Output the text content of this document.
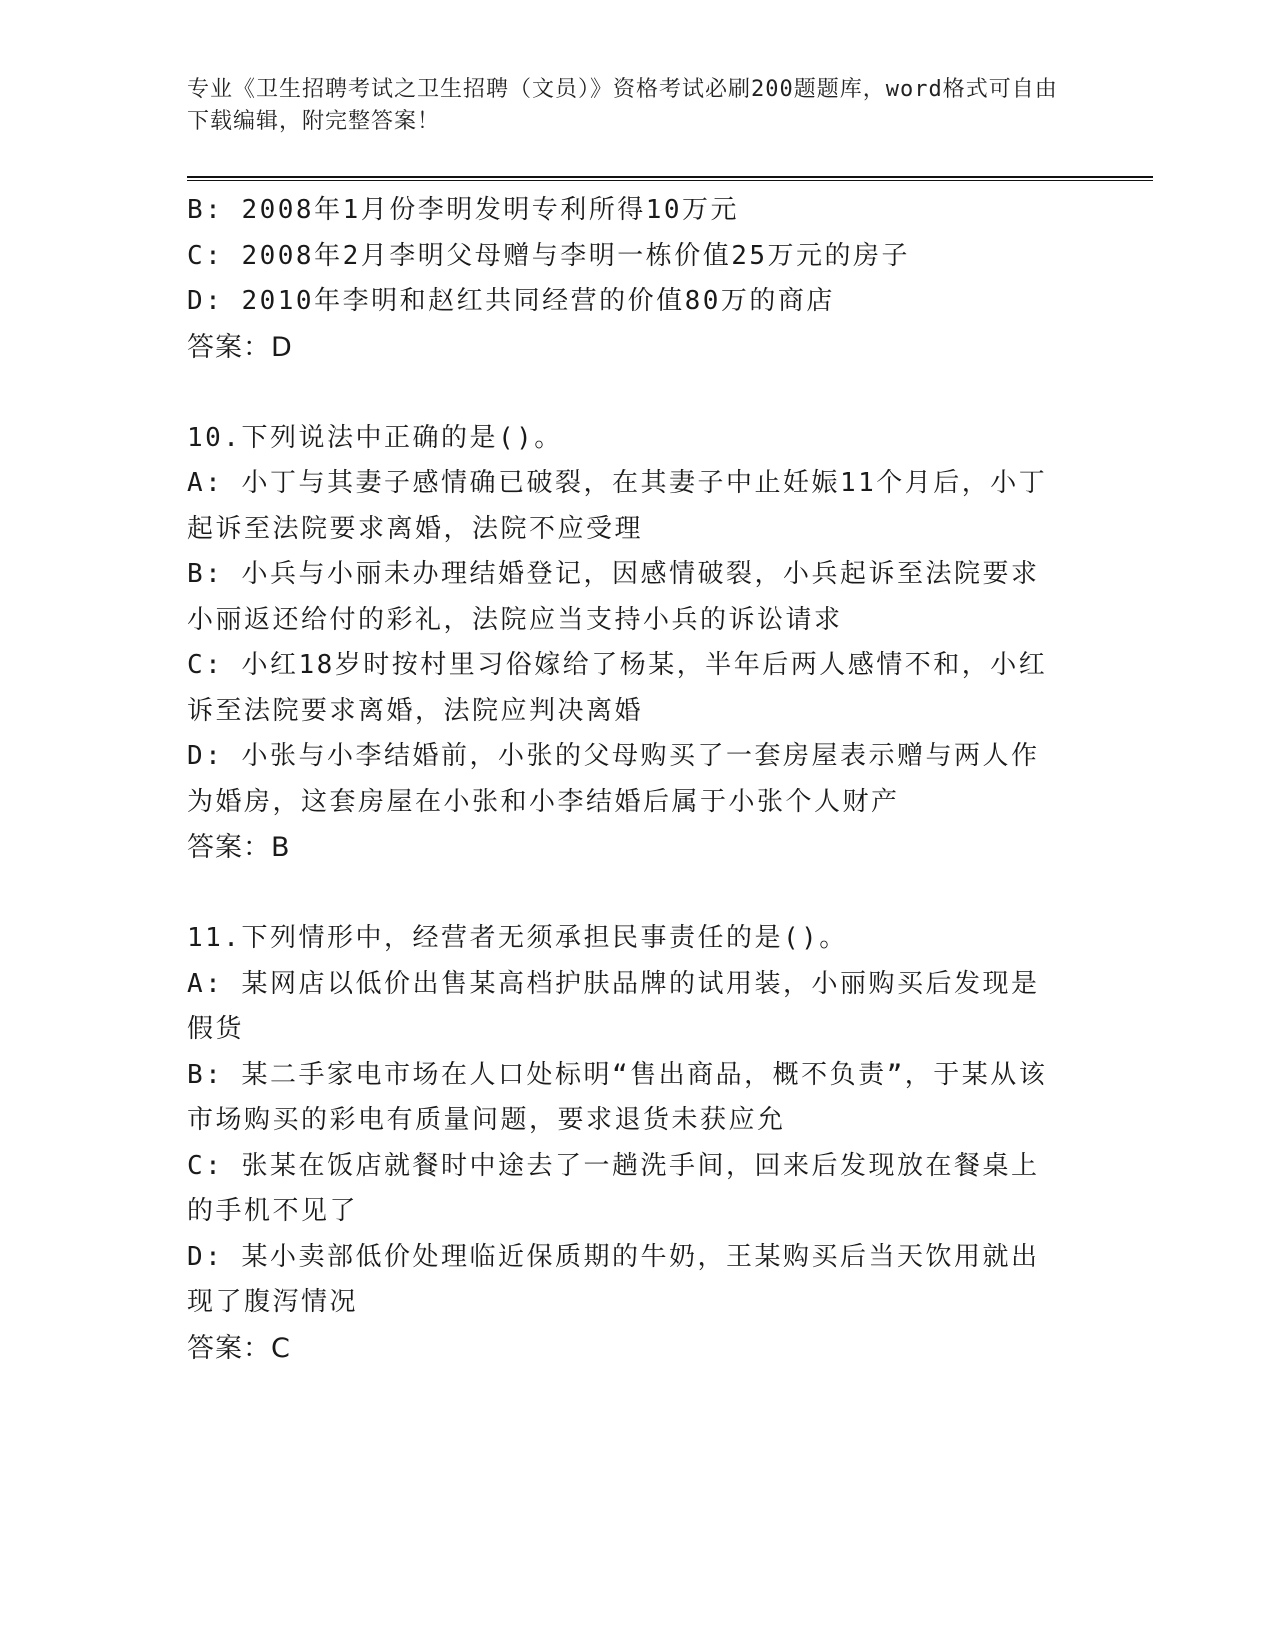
专业《卫生招聘考试之卫生招聘（文员）》资格考试必刷200题题库，word格式可自由下载编辑，附完整答案！
B: 2008年1月份李明发明专利所得10万元
C: 2008年2月李明父母赠与李明一栋价值25万元的房子
D: 2010年李明和赵红共同经营的价值80万的商店
答案：D
10.下列说法中正确的是()。
A: 小丁与其妻子感情确已破裂，在其妻子中止妊娠11个月后，小丁起诉至法院要求离婚，法院不应受理
B: 小兵与小丽未办理结婚登记，因感情破裂，小兵起诉至法院要求小丽返还给付的彩礼，法院应当支持小兵的诉讼请求
C: 小红18岁时按村里习俗嫁给了杨某，半年后两人感情不和，小红诉至法院要求离婚，法院应判决离婚
D: 小张与小李结婚前，小张的父母购买了一套房屋表示赠与两人作为婚房，这套房屋在小张和小李结婚后属于小张个人财产
答案：B
11.下列情形中，经营者无须承担民事责任的是()。
A: 某网店以低价出售某高档护肤品牌的试用装，小丽购买后发现是假货
B: 某二手家电市场在人口处标明“售出商品，概不负责”，于某从该市场购买的彩电有质量问题，要求退货未获应允
C: 张某在饭店就餐时中途去了一趟洗手间，回来后发现放在餐桌上的手机不见了
D: 某小卖部低价处理临近保质期的牛奶，王某购买后当天饮用就出现了腹泻情况
答案：C
